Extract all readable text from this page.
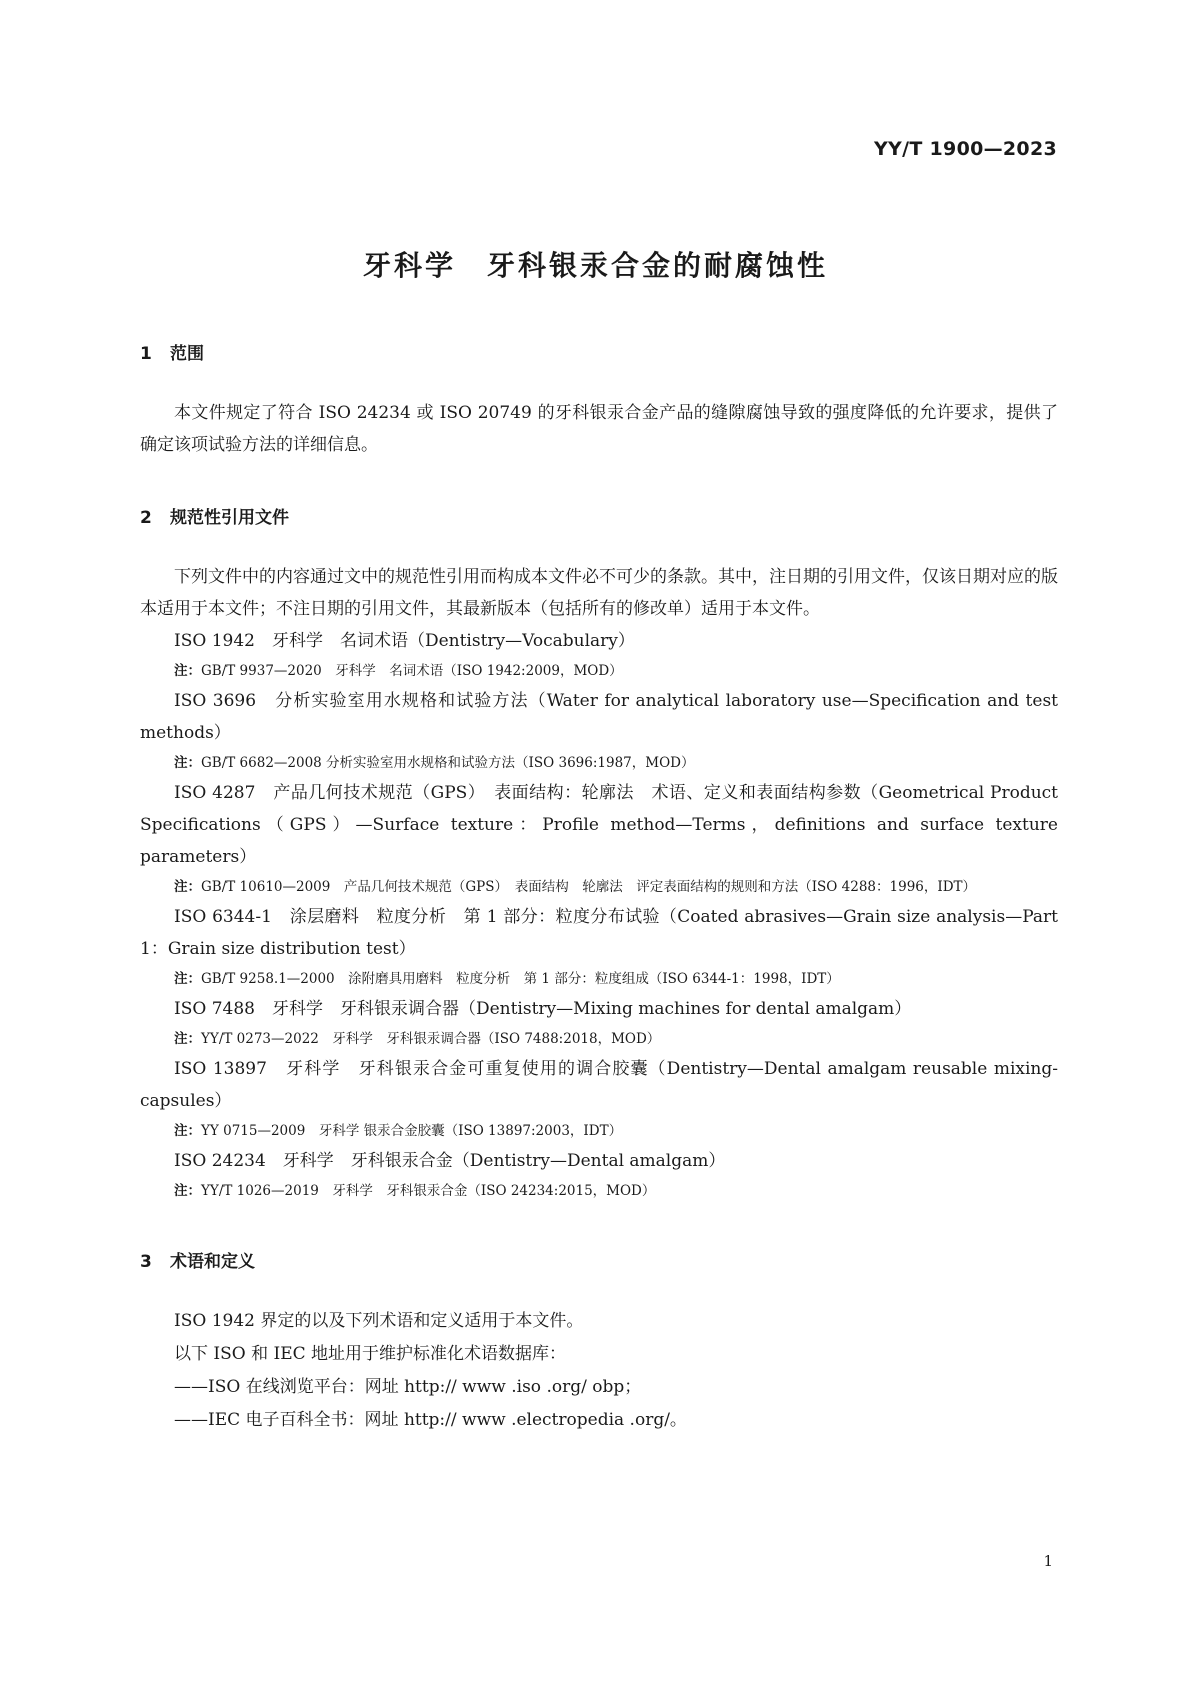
YY/T 1900—2023
牙科学　牙科银汞合金的耐腐蚀性
1 范围

本文件规定了符合 ISO 24234 或 ISO 20749 的牙科银汞合金产品的缝隙腐蚀导致的强度降低的允许要求，提供了确定该项试验方法的详细信息。

2 规范性引用文件

下列文件中的内容通过文中的规范性引用而构成本文件必不可少的条款。其中，注日期的引用文件，仅该日期对应的版本适用于本文件；不注日期的引用文件，其最新版本（包括所有的修改单）适用于本文件。

ISO 1942　牙科学　名词术语（Dentistry—Vocabulary）

注：GB/T 9937—2020　牙科学　名词术语（ISO 1942:2009，MOD）

ISO 3696　分析实验室用水规格和试验方法（Water for analytical laboratory use—Specification and test methods）

注：GB/T 6682—2008 分析实验室用水规格和试验方法（ISO 3696:1987，MOD）

ISO 4287　产品几何技术规范（GPS）　表面结构：轮廓法　术语、定义和表面结构参数（Geometrical Product Specifications（GPS）—Surface texture：Profile method—Terms，definitions and surface texture parameters）

注：GB/T 10610—2009　产品几何技术规范（GPS）　表面结构　轮廓法　评定表面结构的规则和方法（ISO 4288：1996，IDT）

ISO 6344-1　涂层磨料　粒度分析　第 1 部分：粒度分布试验（Coated abrasives—Grain size analysis—Part 1：Grain size distribution test）

注：GB/T 9258.1—2000　涂附磨具用磨料　粒度分析　第 1 部分：粒度组成（ISO 6344-1：1998，IDT）

ISO 7488　牙科学　牙科银汞调合器（Dentistry—Mixing machines for dental amalgam）

注：YY/T 0273—2022　牙科学　牙科银汞调合器（ISO 7488:2018，MOD）

ISO 13897　牙科学　牙科银汞合金可重复使用的调合胶囊（Dentistry—Dental amalgam reusable mixing-capsules）

注：YY 0715—2009　牙科学 银汞合金胶囊（ISO 13897:2003，IDT）

ISO 24234　牙科学　牙科银汞合金（Dentistry—Dental amalgam）

注：YY/T 1026—2019　牙科学　牙科银汞合金（ISO 24234:2015，MOD）

3 术语和定义

ISO 1942 界定的以及下列术语和定义适用于本文件。

以下 ISO 和 IEC 地址用于维护标准化术语数据库：

——ISO 在线浏览平台：网址 http:// www .iso .org/ obp；

——IEC 电子百科全书：网址 http:// www .electropedia .org/。

1
